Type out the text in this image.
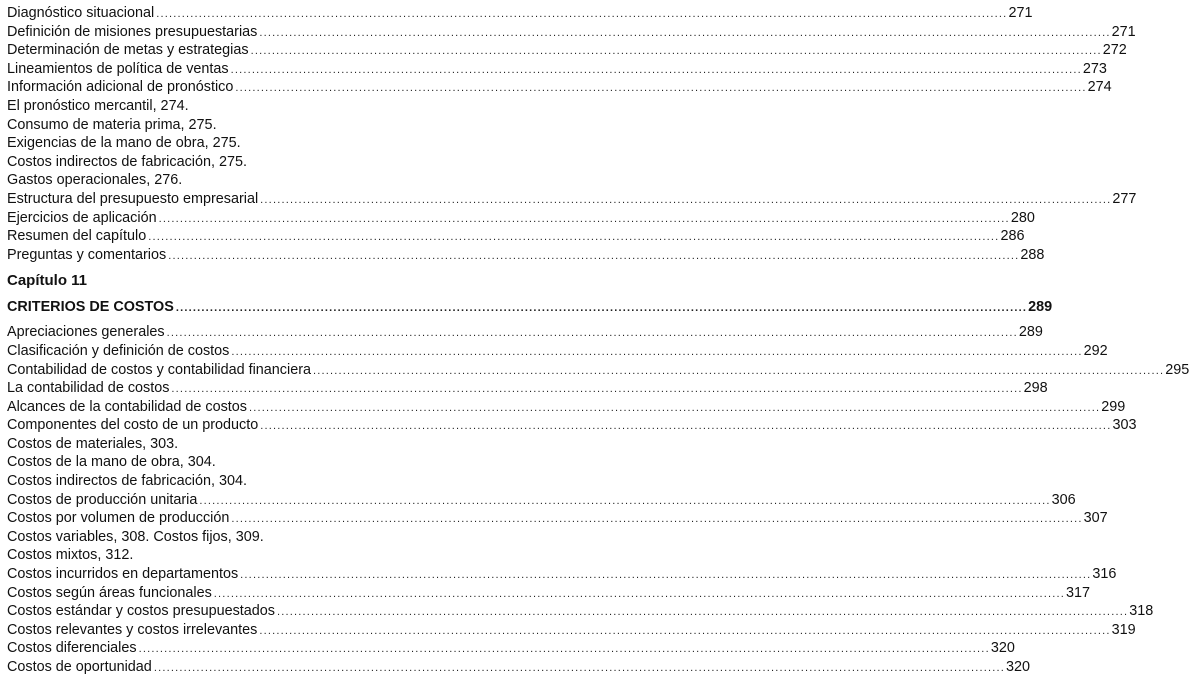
Diagnóstico situacional ........................................................................................................................................................................................................ 271
Definición de misiones presupuestarias ........................................................................................................................................................................................................ 271
Determinación de metas y estrategias ........................................................................................................................................................................................................ 272
Lineamientos de política de ventas ........................................................................................................................................................................................................ 273
Información adicional de pronóstico ........................................................................................................................................................................................................ 274
El pronóstico mercantil, 274.
Consumo de materia prima, 275.
Exigencias de la mano de obra, 275.
Costos indirectos de fabricación, 275.
Gastos operacionales, 276.
Estructura del presupuesto empresarial ........................................................................................................................................................................................................ 277
Ejercicios de aplicación ........................................................................................................................................................................................................ 280
Resumen del capítulo ........................................................................................................................................................................................................ 286
Preguntas y comentarios ........................................................................................................................................................................................................ 288
Capítulo 11
CRITERIOS DE COSTOS ........................................................................................................................................................................................................ 289
Apreciaciones generales ........................................................................................................................................................................................................ 289
Clasificación y definición de costos ........................................................................................................................................................................................................ 292
Contabilidad de costos y contabilidad financiera ........................................................................................................................................................................................................ 295
La contabilidad de costos ........................................................................................................................................................................................................ 298
Alcances de la contabilidad de costos ........................................................................................................................................................................................................ 299
Componentes del costo de un producto ........................................................................................................................................................................................................ 303
Costos de materiales, 303.
Costos de la mano de obra, 304.
Costos indirectos de fabricación, 304.
Costos de producción unitaria ........................................................................................................................................................................................................ 306
Costos por volumen de producción ........................................................................................................................................................................................................ 307
Costos variables, 308. Costos fijos, 309.
Costos mixtos, 312.
Costos incurridos en departamentos ........................................................................................................................................................................................................ 316
Costos según áreas funcionales ........................................................................................................................................................................................................ 317
Costos estándar y costos presupuestados ........................................................................................................................................................................................................ 318
Costos relevantes y costos irrelevantes ........................................................................................................................................................................................................ 319
Costos diferenciales ........................................................................................................................................................................................................ 320
Costos de oportunidad ........................................................................................................................................................................................................ 320
